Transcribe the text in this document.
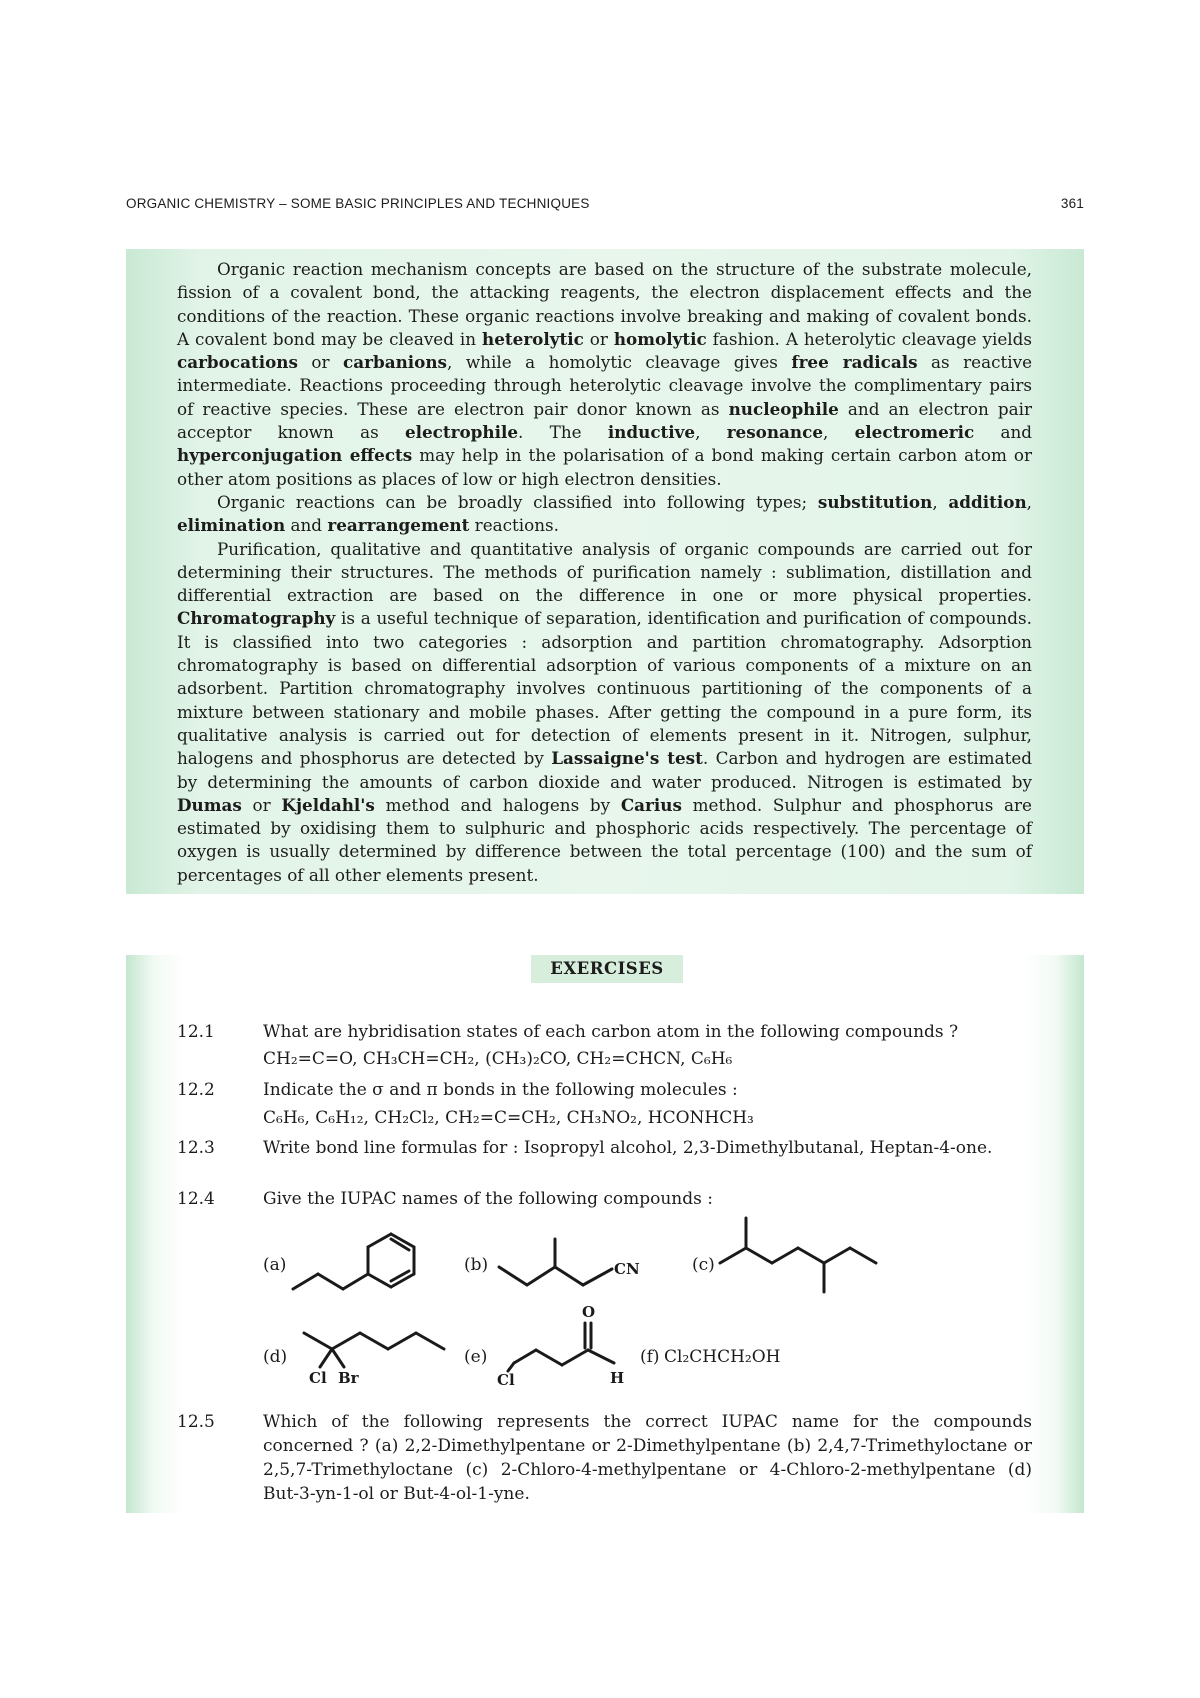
ORGANIC CHEMISTRY – SOME BASIC PRINCIPLES AND TECHNIQUES	361

Organic reaction mechanism concepts are based on the structure of the substrate molecule, fission of a covalent bond, the attacking reagents, the electron displacement effects and the conditions of the reaction. These organic reactions involve breaking and making of covalent bonds. A covalent bond may be cleaved in heterolytic or homolytic fashion. A heterolytic cleavage yields carbocations or carbanions, while a homolytic cleavage gives free radicals as reactive intermediate. Reactions proceeding through heterolytic cleavage involve the complimentary pairs of reactive species. These are electron pair donor known as nucleophile and an electron pair acceptor known as electrophile. The inductive, resonance, electromeric and hyperconjugation effects may help in the polarisation of a bond making certain carbon atom or other atom positions as places of low or high electron densities.

Organic reactions can be broadly classified into following types; substitution, addition, elimination and rearrangement reactions.

Purification, qualitative and quantitative analysis of organic compounds are carried out for determining their structures. The methods of purification namely : sublimation, distillation and differential extraction are based on the difference in one or more physical properties. Chromatography is a useful technique of separation, identification and purification of compounds. It is classified into two categories : adsorption and partition chromatography. Adsorption chromatography is based on differential adsorption of various components of a mixture on an adsorbent. Partition chromatography involves continuous partitioning of the components of a mixture between stationary and mobile phases. After getting the compound in a pure form, its qualitative analysis is carried out for detection of elements present in it. Nitrogen, sulphur, halogens and phosphorus are detected by Lassaigne's test. Carbon and hydrogen are estimated by determining the amounts of carbon dioxide and water produced. Nitrogen is estimated by Dumas or Kjeldahl's method and halogens by Carius method. Sulphur and phosphorus are estimated by oxidising them to sulphuric and phosphoric acids respectively. The percentage of oxygen is usually determined by difference between the total percentage (100) and the sum of percentages of all other elements present.

EXERCISES
12.1	What are hybridisation states of each carbon atom in the following compounds ?
CH₂=C=O, CH₃CH=CH₂, (CH₃)₂CO, CH₂=CHCN, C₆H₆
12.2	Indicate the σ and π bonds in the following molecules :
C₆H₆, C₆H₁₂, CH₂Cl₂, CH₂=C=CH₂, CH₃NO₂, HCONHCH₃
12.3	Write bond line formulas for : Isopropyl alcohol, 2,3-Dimethylbutanal, Heptan-4-one.
12.4	Give the IUPAC names of the following compounds :
(a)	(b)	CN	(c)
(d)
Cl Br
(e)
O
Cl	H
(f) Cl₂CHCH₂OH
12.5	Which of the following represents the correct IUPAC name for the compounds concerned ? (a) 2,2-Dimethylpentane or 2-Dimethylpentane (b) 2,4,7-Trimethyloctane or 2,5,7-Trimethyloctane (c) 2-Chloro-4-methylpentane or 4-Chloro-2-methylpentane (d) But-3-yn-1-ol or But-4-ol-1-yne.
